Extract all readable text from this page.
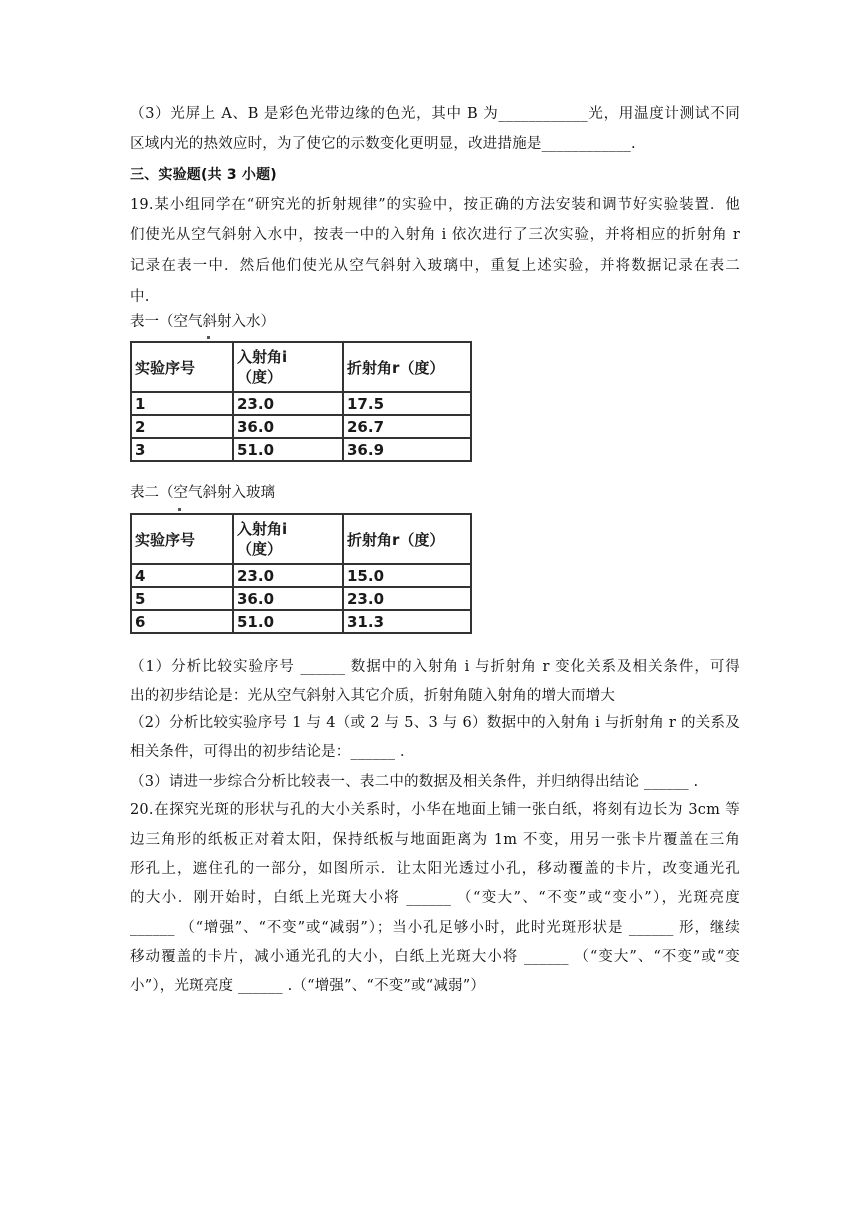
（3）光屏上 A、B 是彩色光带边缘的色光，其中 B 为____________光，用温度计测试不同
区域内光的热效应时，为了使它的示数变化更明显，改进措施是____________.
三、实验题(共 3 小题)
19.某小组同学在“研究光的折射规律”的实验中，按正确的方法安装和调节好实验装置．他
们使光从空气斜射入水中，按表一中的入射角 i 依次进行了三次实验，并将相应的折射角 r
记录在表一中．然后他们使光从空气斜射入玻璃中，重复上述实验，并将数据记录在表二
中.
表一（空气斜射入水）
实验序号	入射角i
（度）	折射角r（度）
1	23.0	17.5
2	36.0	26.7
3	51.0	36.9
表二（空气斜射入玻璃
实验序号	入射角i
（度）	折射角r（度）
4	23.0	15.0
5	36.0	23.0
6	51.0	31.3
（1）分析比较实验序号 ______ 数据中的入射角 i 与折射角 r 变化关系及相关条件，可得
出的初步结论是：光从空气斜射入其它介质，折射角随入射角的增大而增大
（2）分析比较实验序号 1 与 4（或 2 与 5、3 与 6）数据中的入射角 i 与折射角 r 的关系及
相关条件，可得出的初步结论是：______ ．
（3）请进一步综合分析比较表一、表二中的数据及相关条件，并归纳得出结论 ______ .
20.在探究光斑的形状与孔的大小关系时，小华在地面上铺一张白纸，将刻有边长为 3cm 等
边三角形的纸板正对着太阳，保持纸板与地面距离为 1m 不变，用另一张卡片覆盖在三角
形孔上，遮住孔的一部分，如图所示．让太阳光透过小孔，移动覆盖的卡片，改变通光孔
的大小．刚开始时，白纸上光斑大小将 ______ （“变大”、“不变”或“变小”），光斑亮度
______ （“增强”、“不变”或“减弱”）；当小孔足够小时，此时光斑形状是 ______ 形，继续
移动覆盖的卡片，减小通光孔的大小，白纸上光斑大小将 ______ （“变大”、“不变”或“变
小”），光斑亮度 ______ .（“增强”、“不变”或“减弱”）
